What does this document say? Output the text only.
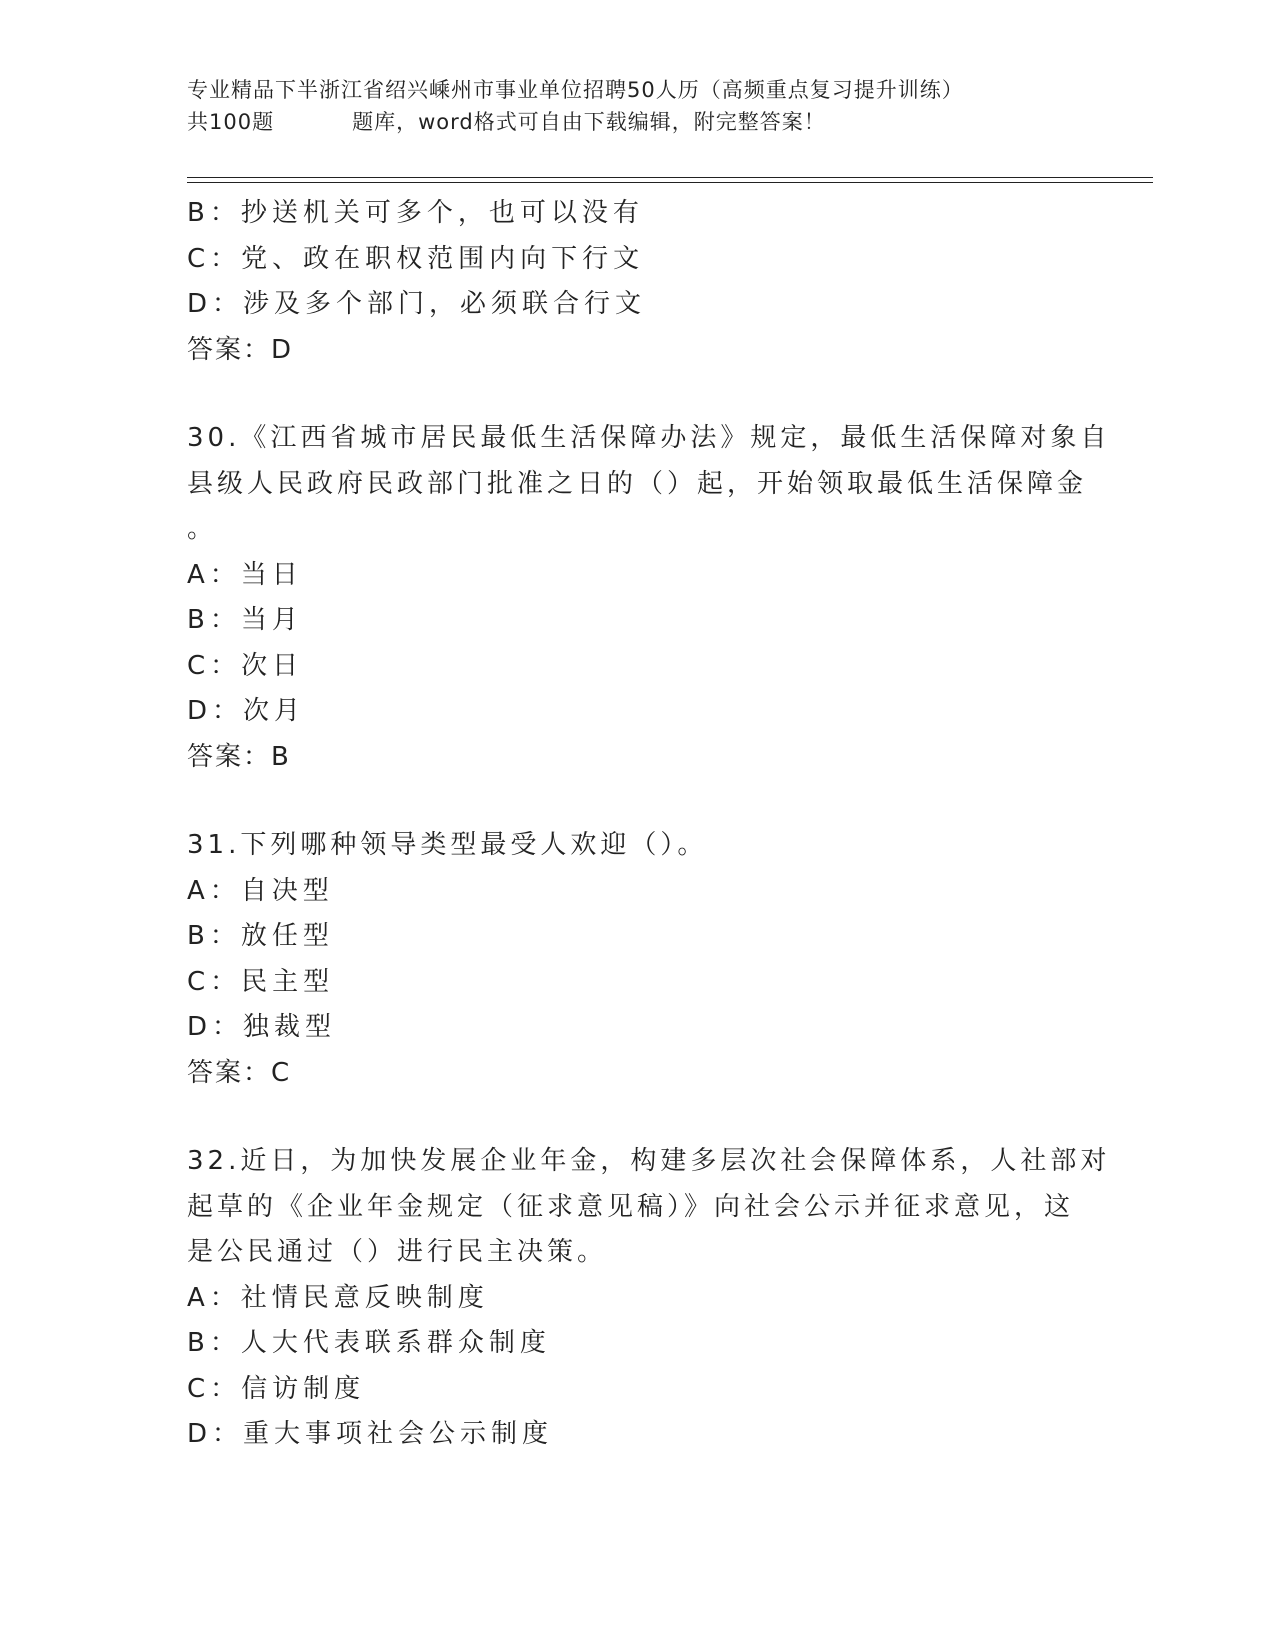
专业精品下半浙江省绍兴嵊州市事业单位招聘50人历（高频重点复习提升训练）
共100题	题库，word格式可自由下载编辑，附完整答案！
B：抄送机关可多个，也可以没有
C：党、政在职权范围内向下行文
D：涉及多个部门，必须联合行文
答案：D
30.《江西省城市居民最低生活保障办法》规定，最低生活保障对象自
县级人民政府民政部门批准之日的（）起，开始领取最低生活保障金
。
A：当日
B：当月
C：次日
D：次月
答案：B
31.下列哪种领导类型最受人欢迎（）。
A：自决型
B：放任型
C：民主型
D：独裁型
答案：C
32.近日，为加快发展企业年金，构建多层次社会保障体系，人社部对
起草的《企业年金规定（征求意见稿）》向社会公示并征求意见，这
是公民通过（）进行民主决策。
A：社情民意反映制度
B：人大代表联系群众制度
C：信访制度
D：重大事项社会公示制度
